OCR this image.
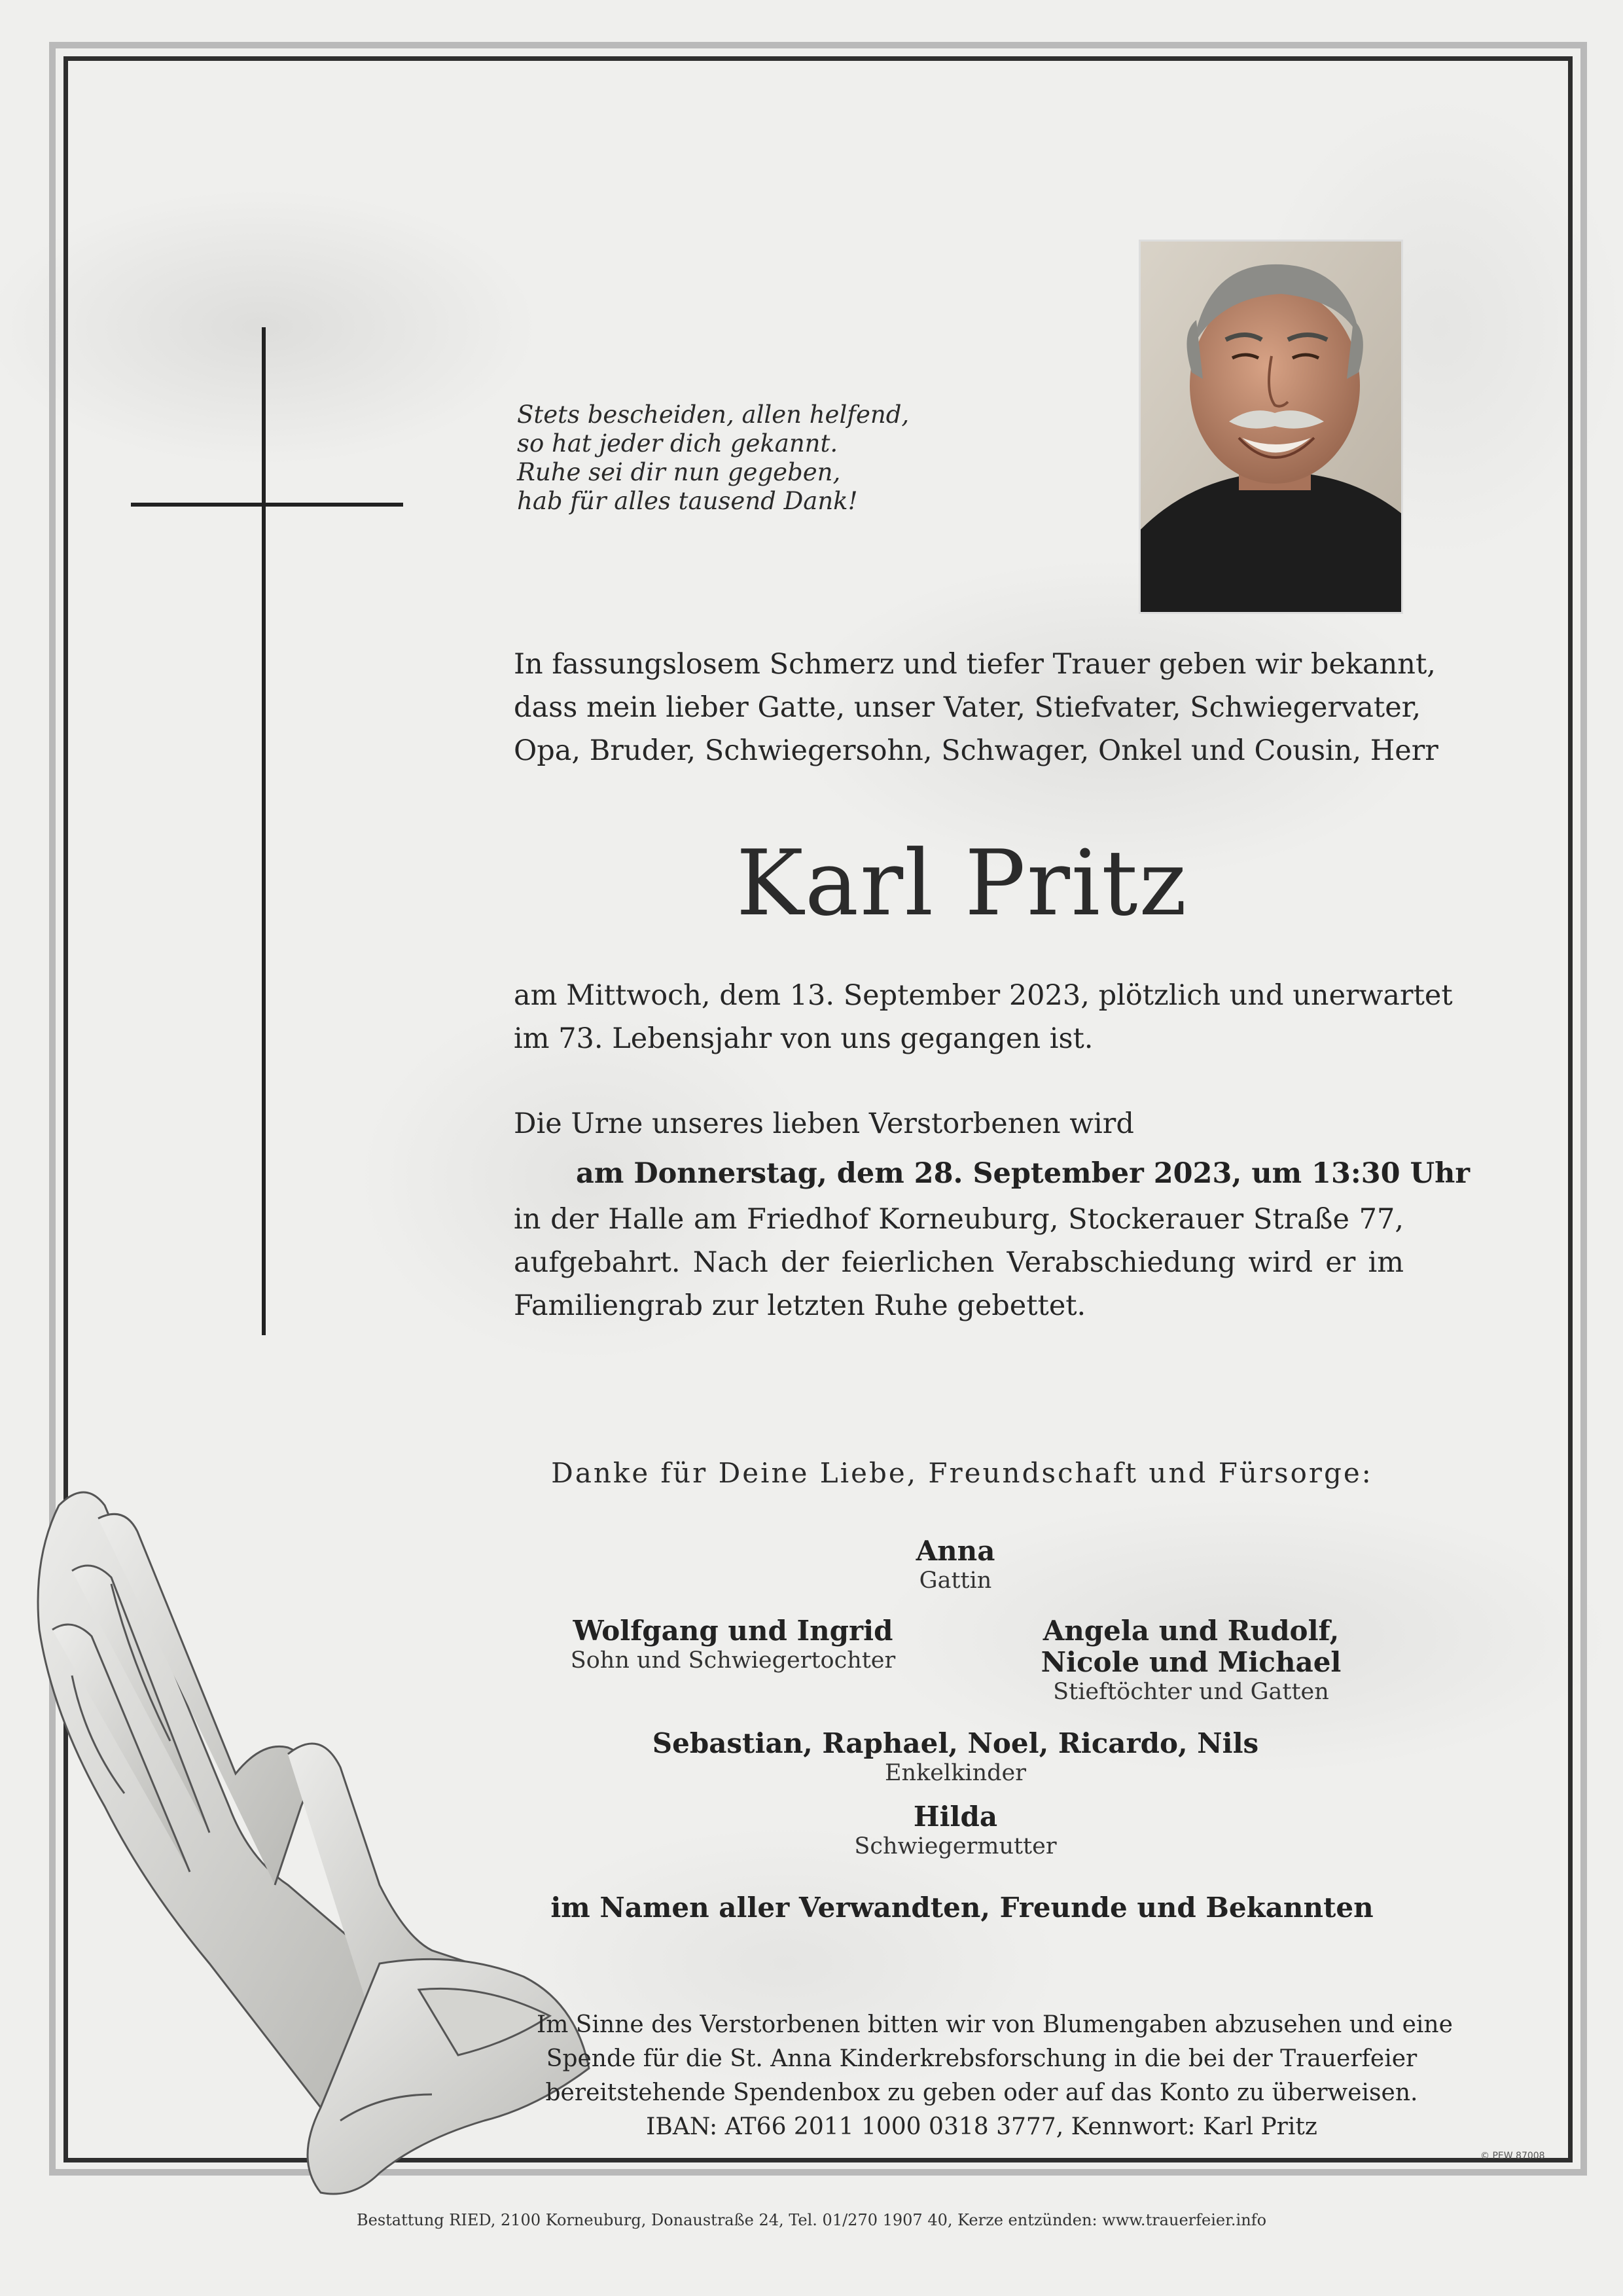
Stets bescheiden, allen helfend,
so hat jeder dich gekannt.
Ruhe sei dir nun gegeben,
hab für alles tausend Dank!
In fassungslosem Schmerz und tiefer Trauer geben wir bekannt,
dass mein lieber Gatte, unser Vater, Stiefvater, Schwiegervater,
Opa, Bruder, Schwiegersohn, Schwager, Onkel und Cousin, Herr
Karl Pritz
am Mittwoch, dem 13. September 2023, plötzlich und unerwartet
im 73. Lebensjahr von uns gegangen ist.
Die Urne unseres lieben Verstorbenen wird
am Donnerstag, dem 28. September 2023, um 13:30 Uhr
in der Halle am Friedhof Korneuburg, Stockerauer Straße 77,
aufgebahrt. Nach der feierlichen Verabschiedung wird er im
Familiengrab zur letzten Ruhe gebettet.
Danke für Deine Liebe, Freundschaft und Fürsorge:
Anna
Gattin
Wolfgang und Ingrid
Sohn und Schwiegertochter
Angela und Rudolf,
Nicole und Michael
Stieftöchter und Gatten
Sebastian, Raphael, Noel, Ricardo, Nils
Enkelkinder
Hilda
Schwiegermutter
im Namen aller Verwandten, Freunde und Bekannten
Im Sinne des Verstorbenen bitten wir von Blumengaben abzusehen und eine
Spende für die St. Anna Kinderkrebsforschung in die bei der Trauerfeier
bereitstehende Spendenbox zu geben oder auf das Konto zu überweisen.
IBAN: AT66 2011 1000 0318 3777, Kennwort: Karl Pritz
© PEW 87008
Bestattung RIED, 2100 Korneuburg, Donaustraße 24, Tel. 01/270 1907 40, Kerze entzünden: www.trauerfeier.info
